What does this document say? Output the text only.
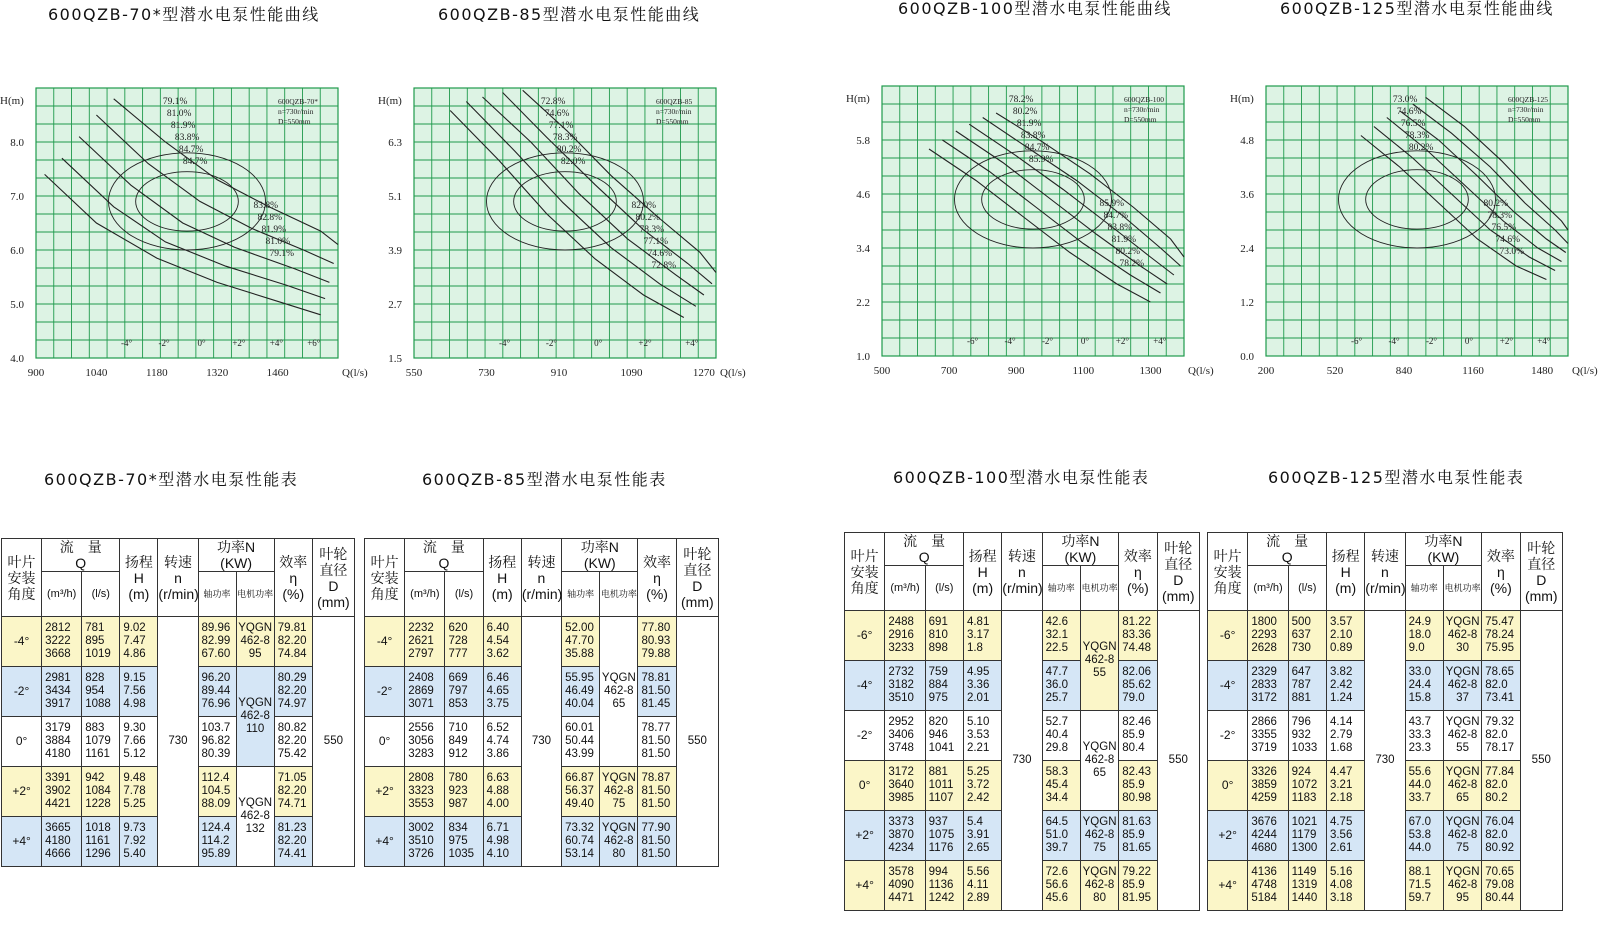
600QZB-70*型潜水电泵性能曲线	600QZB-85型潜水电泵性能曲线	600QZB-100型潜水电泵性能曲线	600QZB-125型潜水电泵性能曲线
900	1040	1180	1320	1460
4.0
5.0
6.0
7.0
8.0
Q(l/s)
H(m)	600QZB-70*
n=730r/min
D=550mm
-4°	-2°	0°	+2°	+4°	+6°
79.1%
81.0%
81.9%
83.8%
84.7%
84.7%
83.8%
82.8%
81.9%
81.0%
79.1%
550	730	910	1090	1270
1.5
2.7
3.9
5.1
6.3
Q(l/s)
H(m)	600QZB-85
n=730r/min
D=550mm
-4°	-2°	0°	+2°	+4°
72.8%
74.6%
77.1%
78.3%
80.2%
82.0%
82.0%
80.2%
78.3%
77.1%
74.6%
72.8%
500	700	900	1100	1300
1.0
2.2
3.4
4.6
5.8
Q(l/s)
H(m)	600QZB-100
n=730r/min
D=550mm
-6°	-4°	-2°	0°	+2°	+4°
78.2%
80.2%
81.9%
83.8%
84.7%
85.9%
85.9%
84.7%
83.8%
81.9%
80.2%
78.2%
200	520	840	1160	1480
0.0
1.2
2.4
3.6
4.8
Q(l/s)
H(m)	600QZB-125
n=730r/min
D=550mm
-6°	-4°	-2°	0°	+2°	+4°
73.0%
74.6%
76.5%
78.3%
80.2%
80.2%
78.3%
76.5%
74.6%
73.0%
600QZB-70*型潜水电泵性能表	600QZB-85型潜水电泵性能表	600QZB-100型潜水电泵性能表	600QZB-125型潜水电泵性能表
叶片
安装
角度	流　量
Q		扬程
H
(m)	转速
n
(r/min)	功率N
(KW)		效率
η
(%)	叶轮
直径
D
(mm)
	(m³/h)	(l/s)			轴功率	电机功率		
-4°	2812
3222
3668	781
895
1019	9.02
7.47
4.86	730	89.96
82.99
67.60	YQGN
462-8
95	79.81
82.20
74.84	550
-2°	2981
3434
3917	828
954
1088	9.15
7.56
4.98		96.20
89.44
76.96	YQGN
462-8
110	80.29
82.20
74.97	
0°	3179
3884
4180	883
1079
1161	9.30
7.66
5.12		103.7
96.82
80.39		80.82
82.20
75.42	
+2°	3391
3902
4421	942
1084
1228	9.48
7.78
5.25		112.4
104.5
88.09	YQGN
462-8
132	71.05
82.20
74.71	
+4°	3665
4180
4666	1018
1161
1296	9.73
7.92
5.40		124.4
114.2
95.89		81.23
82.20
74.41	
叶片
安装
角度	流　量
Q		扬程
H
(m)	转速
n
(r/min)	功率N
(KW)		效率
η
(%)	叶轮
直径
D
(mm)
	(m³/h)	(l/s)			轴功率	电机功率		
-4°	2232
2621
2797	620
728
777	6.40
4.54
3.62	730	52.00
47.70
35.88	YQGN
462-8
65	77.80
80.93
79.88	550
-2°	2408
2869
3071	669
797
853	6.46
4.65
3.75		55.95
46.49
40.04		78.81
81.50
81.45	
0°	2556
3056
3283	710
849
912	6.52
4.74
3.86		60.01
50.44
43.99		78.77
81.50
81.50	
+2°	2808
3323
3553	780
923
987	6.63
4.88
4.00		66.87
56.37
49.40	YQGN
462-8
75	78.87
81.50
81.50	
+4°	3002
3510
3726	834
975
1035	6.71
4.98
4.10		73.32
60.74
53.14	YQGN
462-8
80	77.90
81.50
81.50	
叶片
安装
角度	流　量
Q		扬程
H
(m)	转速
n
(r/min)	功率N
(KW)		效率
η
(%)	叶轮
直径
D
(mm)
	(m³/h)	(l/s)			轴功率	电机功率		
-6°	2488
2916
3233	691
810
898	4.81
3.17
1.8	730	42.6
32.1
22.5	YQGN
462-8
55	81.22
83.36
74.48	550
-4°	2732
3182
3510	759
884
975	4.95
3.36
2.01		47.7
36.0
25.7		82.06
85.62
79.0	
-2°	2952
3406
3748	820
946
1041	5.10
3.53
2.21		52.7
40.4
29.8	YQGN
462-8
65	82.46
85.9
80.4	
0°	3172
3640
3985	881
1011
1107	5.25
3.72
2.42		58.3
45.4
34.4		82.43
85.9
80.98	
+2°	3373
3870
4234	937
1075
1176	5.4
3.91
2.65		64.5
51.0
39.7	YQGN
462-8
75	81.63
85.9
81.65	
+4°	3578
4090
4471	994
1136
1242	5.56
4.11
2.89		72.6
56.6
45.6	YQGN
462-8
80	79.22
85.9
81.95	
叶片
安装
角度	流　量
Q		扬程
H
(m)	转速
n
(r/min)	功率N
(KW)		效率
η
(%)	叶轮
直径
D
(mm)
	(m³/h)	(l/s)			轴功率	电机功率		
-6°	1800
2293
2628	500
637
730	3.57
2.10
0.89	730	24.9
18.0
9.0	YQGN
462-8
30	75.47
78.24
75.95	550
-4°	2329
2833
3172	647
787
881	3.82
2.42
1.24		33.0
24.4
15.8	YQGN
462-8
37	78.65
82.0
73.41	
-2°	2866
3355
3719	796
932
1033	4.14
2.79
1.68		43.7
33.3
23.3	YQGN
462-8
55	79.32
82.0
78.17	
0°	3326
3859
4259	924
1072
1183	4.47
3.21
2.18		55.6
44.0
33.7	YQGN
462-8
65	77.84
82.0
80.2	
+2°	3676
4244
4680	1021
1179
1300	4.75
3.56
2.61		67.0
53.8
44.0	YQGN
462-8
75	76.04
82.0
80.92	
+4°	4136
4748
5184	1149
1319
1440	5.16
4.08
3.18		88.1
71.5
59.7	YQGN
462-8
95	70.65
79.08
80.44	
